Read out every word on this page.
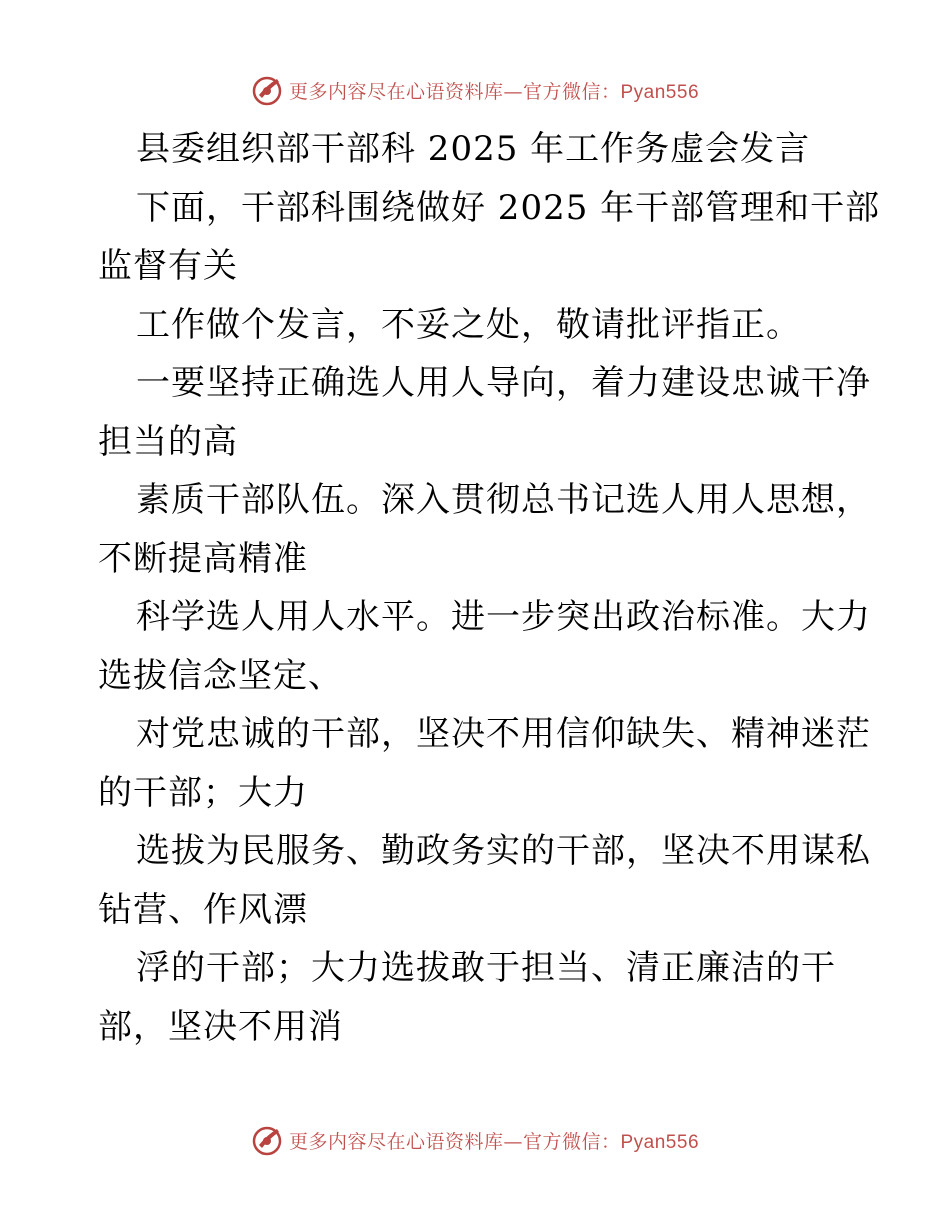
更多内容尽在心语资料库—官方微信：Pyan556
县委组织部干部科 2025 年工作务虚会发言
下面，干部科围绕做好 2025 年干部管理和干部
监督有关
工作做个发言，不妥之处，敬请批评指正。
一要坚持正确选人用人导向，着力建设忠诚干净
担当的高
素质干部队伍。深入贯彻总书记选人用人思想，
不断提高精准
科学选人用人水平。进一步突出政治标准。大力
选拔信念坚定、
对党忠诚的干部，坚决不用信仰缺失、精神迷茫
的干部；大力
选拔为民服务、勤政务实的干部，坚决不用谋私
钻营、作风漂
浮的干部；大力选拔敢于担当、清正廉洁的干
部，坚决不用消
更多内容尽在心语资料库—官方微信：Pyan556
